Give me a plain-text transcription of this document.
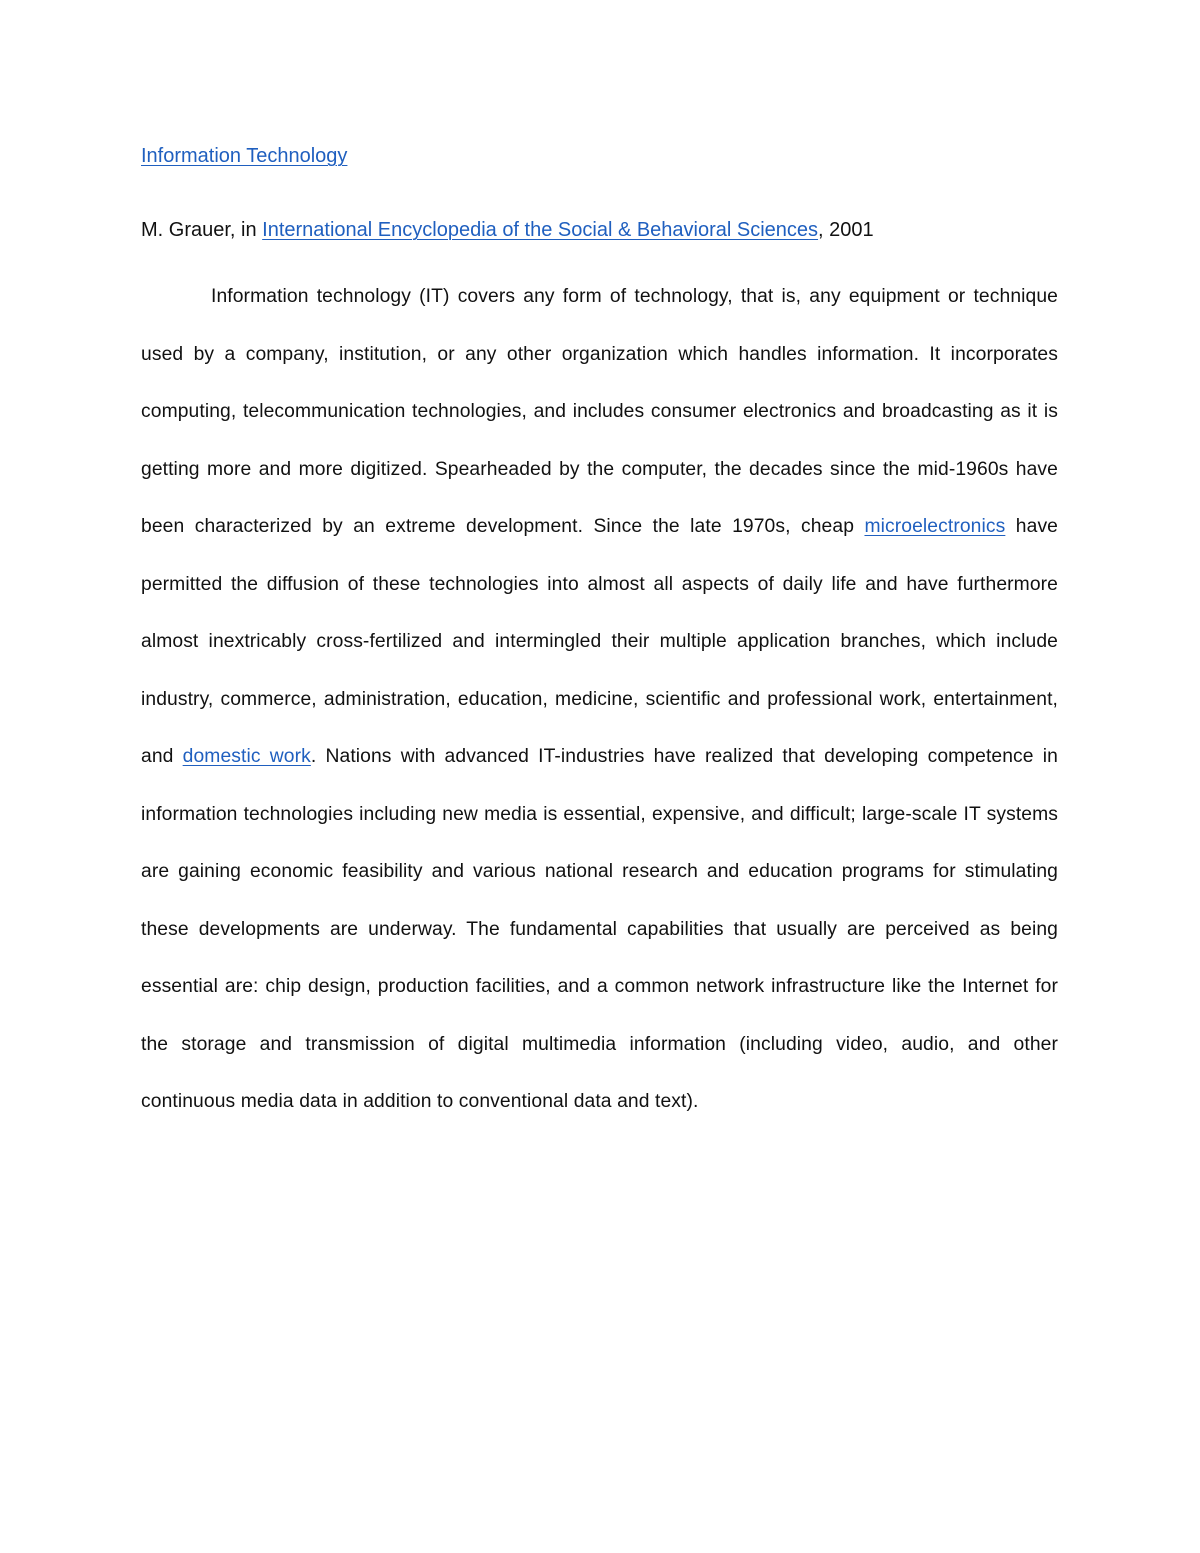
Information Technology

M. Grauer, in International Encyclopedia of the Social & Behavioral Sciences, 2001

Information technology (IT) covers any form of technology, that is, any equipment or technique used by a company, institution, or any other organization which handles information. It incorporates computing, telecommunication technologies, and includes consumer electronics and broadcasting as it is getting more and more digitized. Spearheaded by the computer, the decades since the mid-1960s have been characterized by an extreme development. Since the late 1970s, cheap microelectronics have permitted the diffusion of these technologies into almost all aspects of daily life and have furthermore almost inextricably cross-fertilized and intermingled their multiple application branches, which include industry, commerce, administration, education, medicine, scientific and professional work, entertainment, and domestic work. Nations with advanced IT-industries have realized that developing competence in information technologies including new media is essential, expensive, and difficult; large-scale IT systems are gaining economic feasibility and various national research and education programs for stimulating these developments are underway. The fundamental capabilities that usually are perceived as being essential are: chip design, production facilities, and a common network infrastructure like the Internet for the storage and transmission of digital multimedia information (including video, audio, and other continuous media data in addition to conventional data and text).
